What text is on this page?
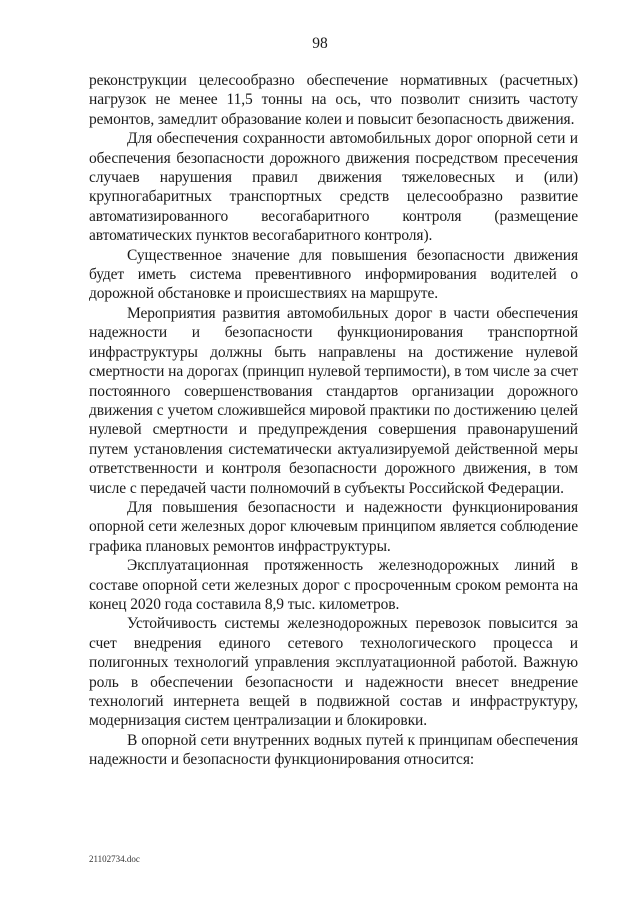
98

реконструкции целесообразно обеспечение нормативных (расчетных) нагрузок не менее 11,5 тонны на ось, что позволит снизить частоту ремонтов, замедлит образование колеи и повысит безопасность движения.

Для обеспечения сохранности автомобильных дорог опорной сети и обеспечения безопасности дорожного движения посредством пресечения случаев нарушения правил движения тяжеловесных и (или) крупногабаритных транспортных средств целесообразно развитие автоматизированного весогабаритного контроля (размещение автоматических пунктов весогабаритного контроля).

Существенное значение для повышения безопасности движения будет иметь система превентивного информирования водителей о дорожной обстановке и происшествиях на маршруте.

Мероприятия развития автомобильных дорог в части обеспечения надежности и безопасности функционирования транспортной инфраструктуры должны быть направлены на достижение нулевой смертности на дорогах (принцип нулевой терпимости), в том числе за счет постоянного совершенствования стандартов организации дорожного движения с учетом сложившейся мировой практики по достижению целей нулевой смертности и предупреждения совершения правонарушений путем установления систематически актуализируемой действенной меры ответственности и контроля безопасности дорожного движения, в том числе с передачей части полномочий в субъекты Российской Федерации.

Для повышения безопасности и надежности функционирования опорной сети железных дорог ключевым принципом является соблюдение графика плановых ремонтов инфраструктуры.

Эксплуатационная протяженность железнодорожных линий в составе опорной сети железных дорог с просроченным сроком ремонта на конец 2020 года составила 8,9 тыс. километров.

Устойчивость системы железнодорожных перевозок повысится за счет внедрения единого сетевого технологического процесса и полигонных технологий управления эксплуатационной работой. Важную роль в обеспечении безопасности и надежности внесет внедрение технологий интернета вещей в подвижной состав и инфраструктуру, модернизация систем централизации и блокировки.

В опорной сети внутренних водных путей к принципам обеспечения надежности и безопасности функционирования относится:

21102734.doc
